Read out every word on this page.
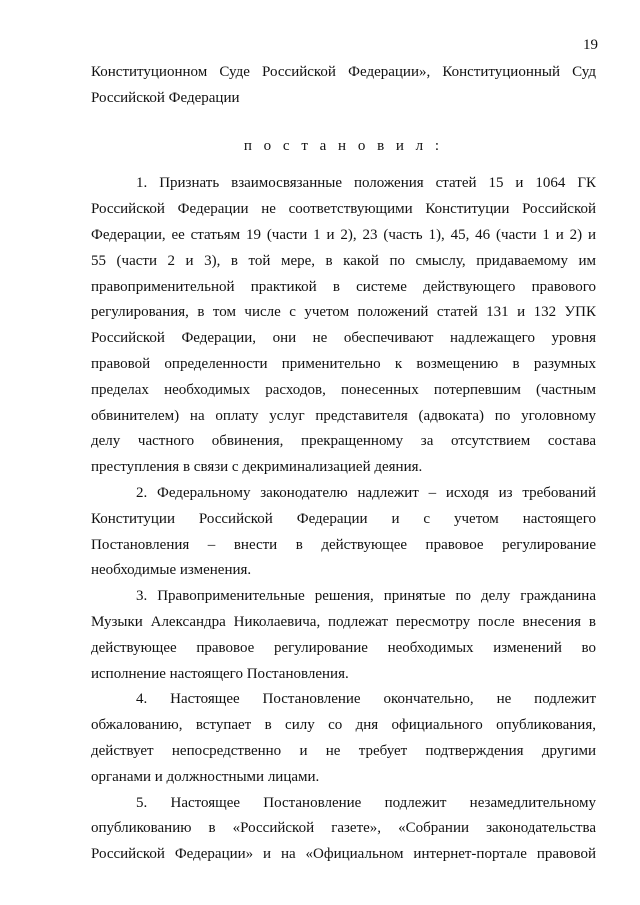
19
Конституционном Суде Российской Федерации», Конституционный Суд
Российской Федерации
п о с т а н о в и л :
1. Признать взаимосвязанные положения статей 15 и 1064 ГК
Российской Федерации не соответствующими Конституции Российской
Федерации, ее статьям 19 (части 1 и 2), 23 (часть 1), 45, 46 (части 1 и 2) и
55 (части 2 и 3), в той мере, в какой по смыслу, придаваемому им
правоприменительной практикой в системе действующего правового
регулирования, в том числе с учетом положений статей 131 и 132 УПК
Российской Федерации, они не обеспечивают надлежащего уровня
правовой определенности применительно к возмещению в разумных
пределах необходимых расходов, понесенных потерпевшим (частным
обвинителем) на оплату услуг представителя (адвоката) по уголовному
делу частного обвинения, прекращенному за отсутствием состава
преступления в связи с декриминализацией деяния.
2. Федеральному законодателю надлежит – исходя из требований
Конституции Российской Федерации и с учетом настоящего
Постановления – внести в действующее правовое регулирование
необходимые изменения.
3. Правоприменительные решения, принятые по делу гражданина
Музыки Александра Николаевича, подлежат пересмотру после внесения в
действующее правовое регулирование необходимых изменений во
исполнение настоящего Постановления.
4. Настоящее Постановление окончательно, не подлежит
обжалованию, вступает в силу со дня официального опубликования,
действует непосредственно и не требует подтверждения другими
органами и должностными лицами.
5. Настоящее Постановление подлежит незамедлительному
опубликованию в «Российской газете», «Собрании законодательства
Российской Федерации» и на «Официальном интернет-портале правовой
